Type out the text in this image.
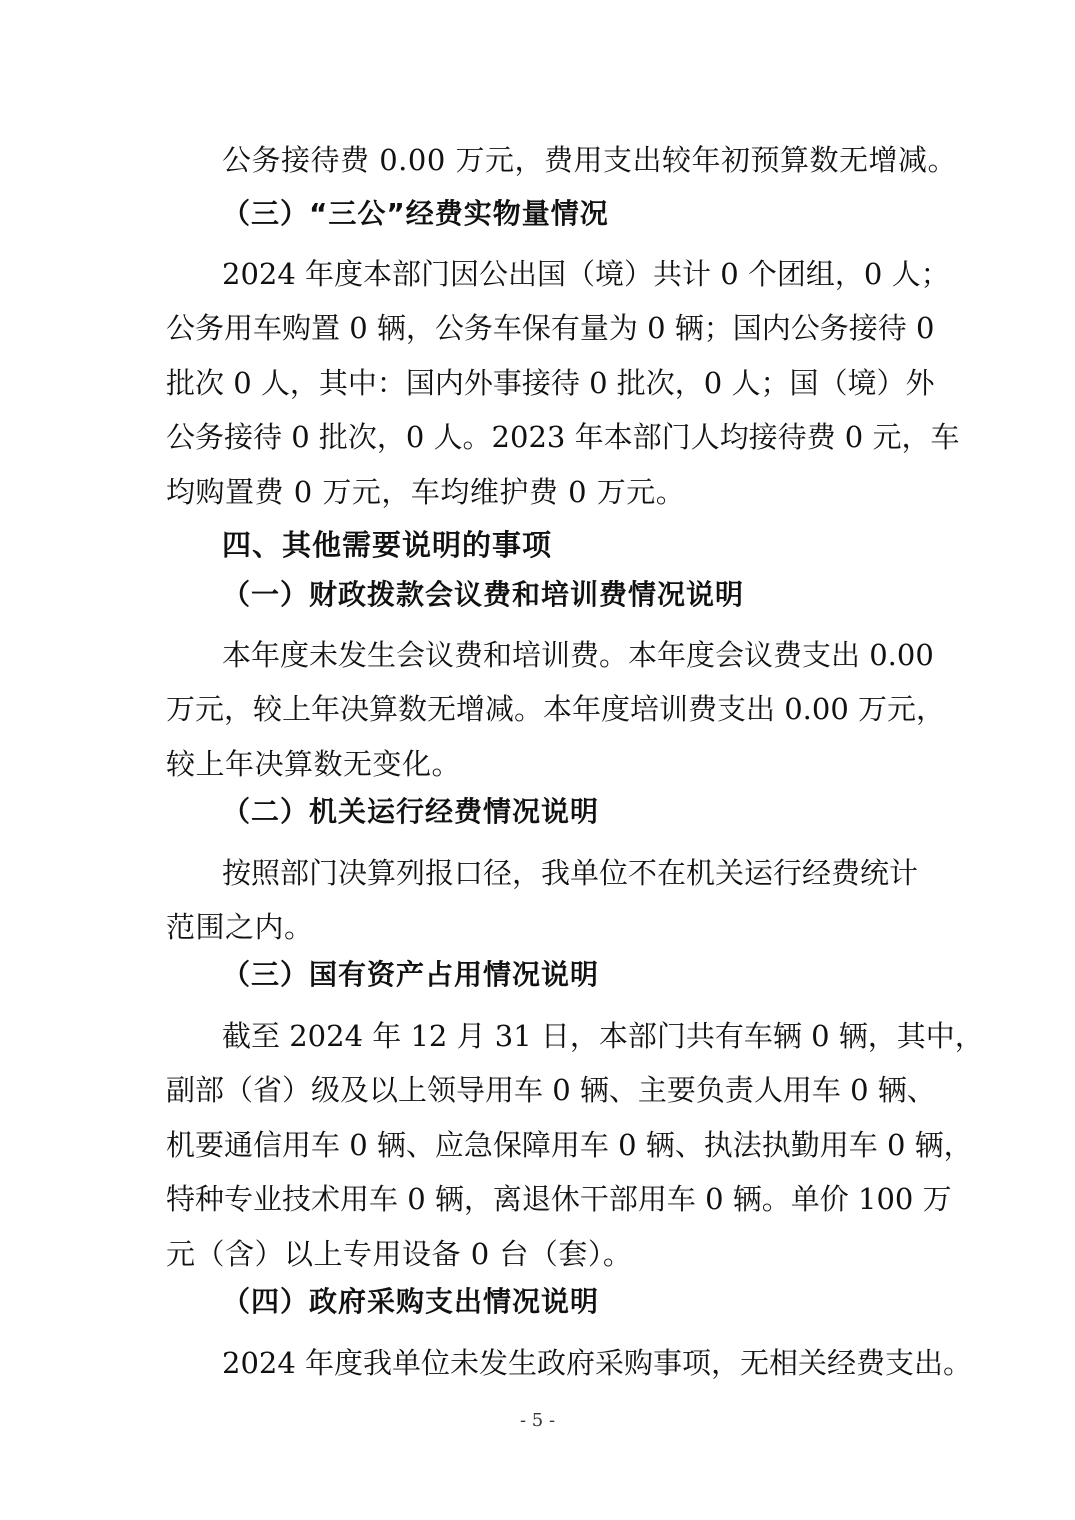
公务接待费 0.00 万元，费用支出较年初预算数无增减。
（三）“三公”经费实物量情况
2024 年度本部门因公出国（境）共计 0 个团组，0 人；
公务用车购置 0 辆，公务车保有量为 0 辆；国内公务接待 0
批次 0 人，其中：国内外事接待 0 批次，0 人；国（境）外
公务接待 0 批次，0 人。2023 年本部门人均接待费 0 元，车
均购置费 0 万元，车均维护费 0 万元。
四、其他需要说明的事项
（一）财政拨款会议费和培训费情况说明
本年度未发生会议费和培训费。本年度会议费支出 0.00
万元，较上年决算数无增减。本年度培训费支出 0.00 万元，
较上年决算数无变化。
（二）机关运行经费情况说明
按照部门决算列报口径，我单位不在机关运行经费统计
范围之内。
（三）国有资产占用情况说明
截至 2024 年 12 月 31 日，本部门共有车辆 0 辆，其中，
副部（省）级及以上领导用车 0 辆、主要负责人用车 0 辆、
机要通信用车 0 辆、应急保障用车 0 辆、执法执勤用车 0 辆，
特种专业技术用车 0 辆，离退休干部用车 0 辆。单价 100 万
元（含）以上专用设备 0 台（套）。
（四）政府采购支出情况说明
2024 年度我单位未发生政府采购事项，无相关经费支出。
- 5 -
